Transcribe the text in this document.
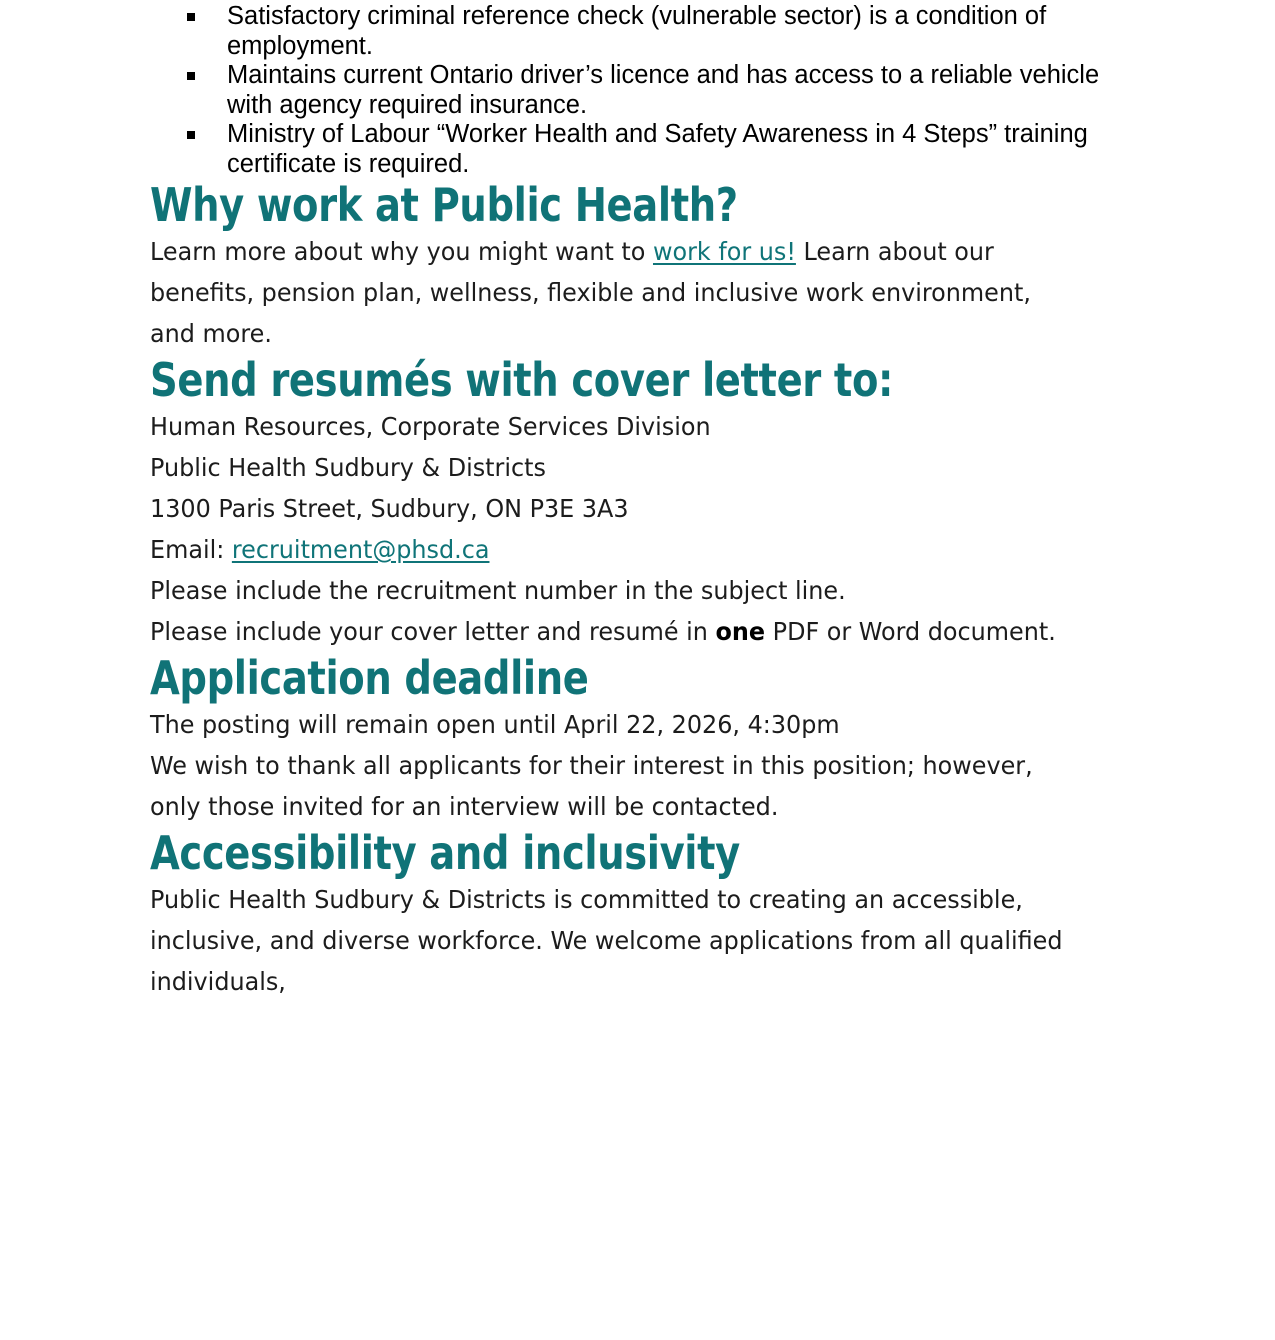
Satisfactory criminal reference check (vulnerable sector) is a condition of employment.
Maintains current Ontario driver’s licence and has access to a reliable vehicle with agency required insurance.
Ministry of Labour “Worker Health and Safety Awareness in 4 Steps” training certificate is required.
Why work at Public Health?

Learn more about why you might want to work for us! Learn about our benefits, pension plan, wellness, flexible and inclusive work environment, and more.

Send resumés with cover letter to:

Human Resources, Corporate Services Division
Public Health Sudbury & Districts
1300 Paris Street, Sudbury, ON P3E 3A3

Email: recruitment@phsd.ca

Please include the recruitment number in the subject line.
Please include your cover letter and resumé in one PDF or Word document.

Application deadline

The posting will remain open until April 22, 2026, 4:30pm

We wish to thank all applicants for their interest in this position; however, only those invited for an interview will be contacted.

Accessibility and inclusivity

Public Health Sudbury & Districts is committed to creating an accessible, inclusive, and diverse workforce. We welcome applications from all qualified individuals,
